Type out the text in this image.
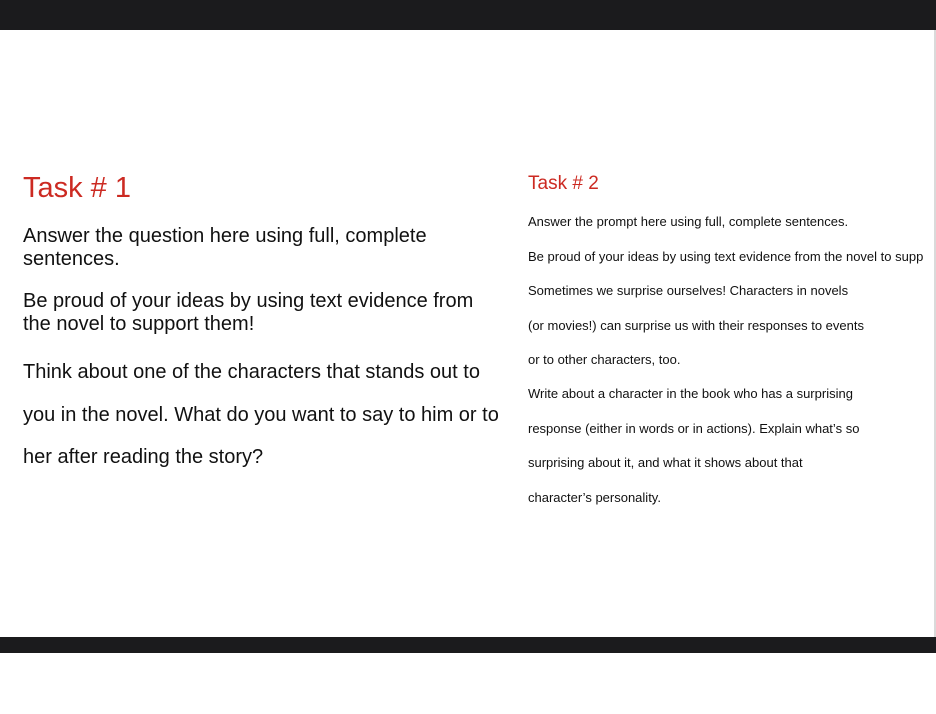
Task # 1

Answer the question here using full, complete sentences.

Be proud of your ideas by using text evidence from the novel to support them!

Think about one of the characters that stands out to you in the novel. What do you want to say to him or to her after reading the story?

Task # 2

Answer the prompt here using full, complete sentences.

Be proud of your ideas by using text evidence from the novel to supp

Sometimes we surprise ourselves! Characters in novels

(or movies!) can surprise us with their responses to events

or to other characters, too.

Write about a character in the book who has a surprising

response (either in words or in actions). Explain what’s so

surprising about it, and what it shows about that

character’s personality.
